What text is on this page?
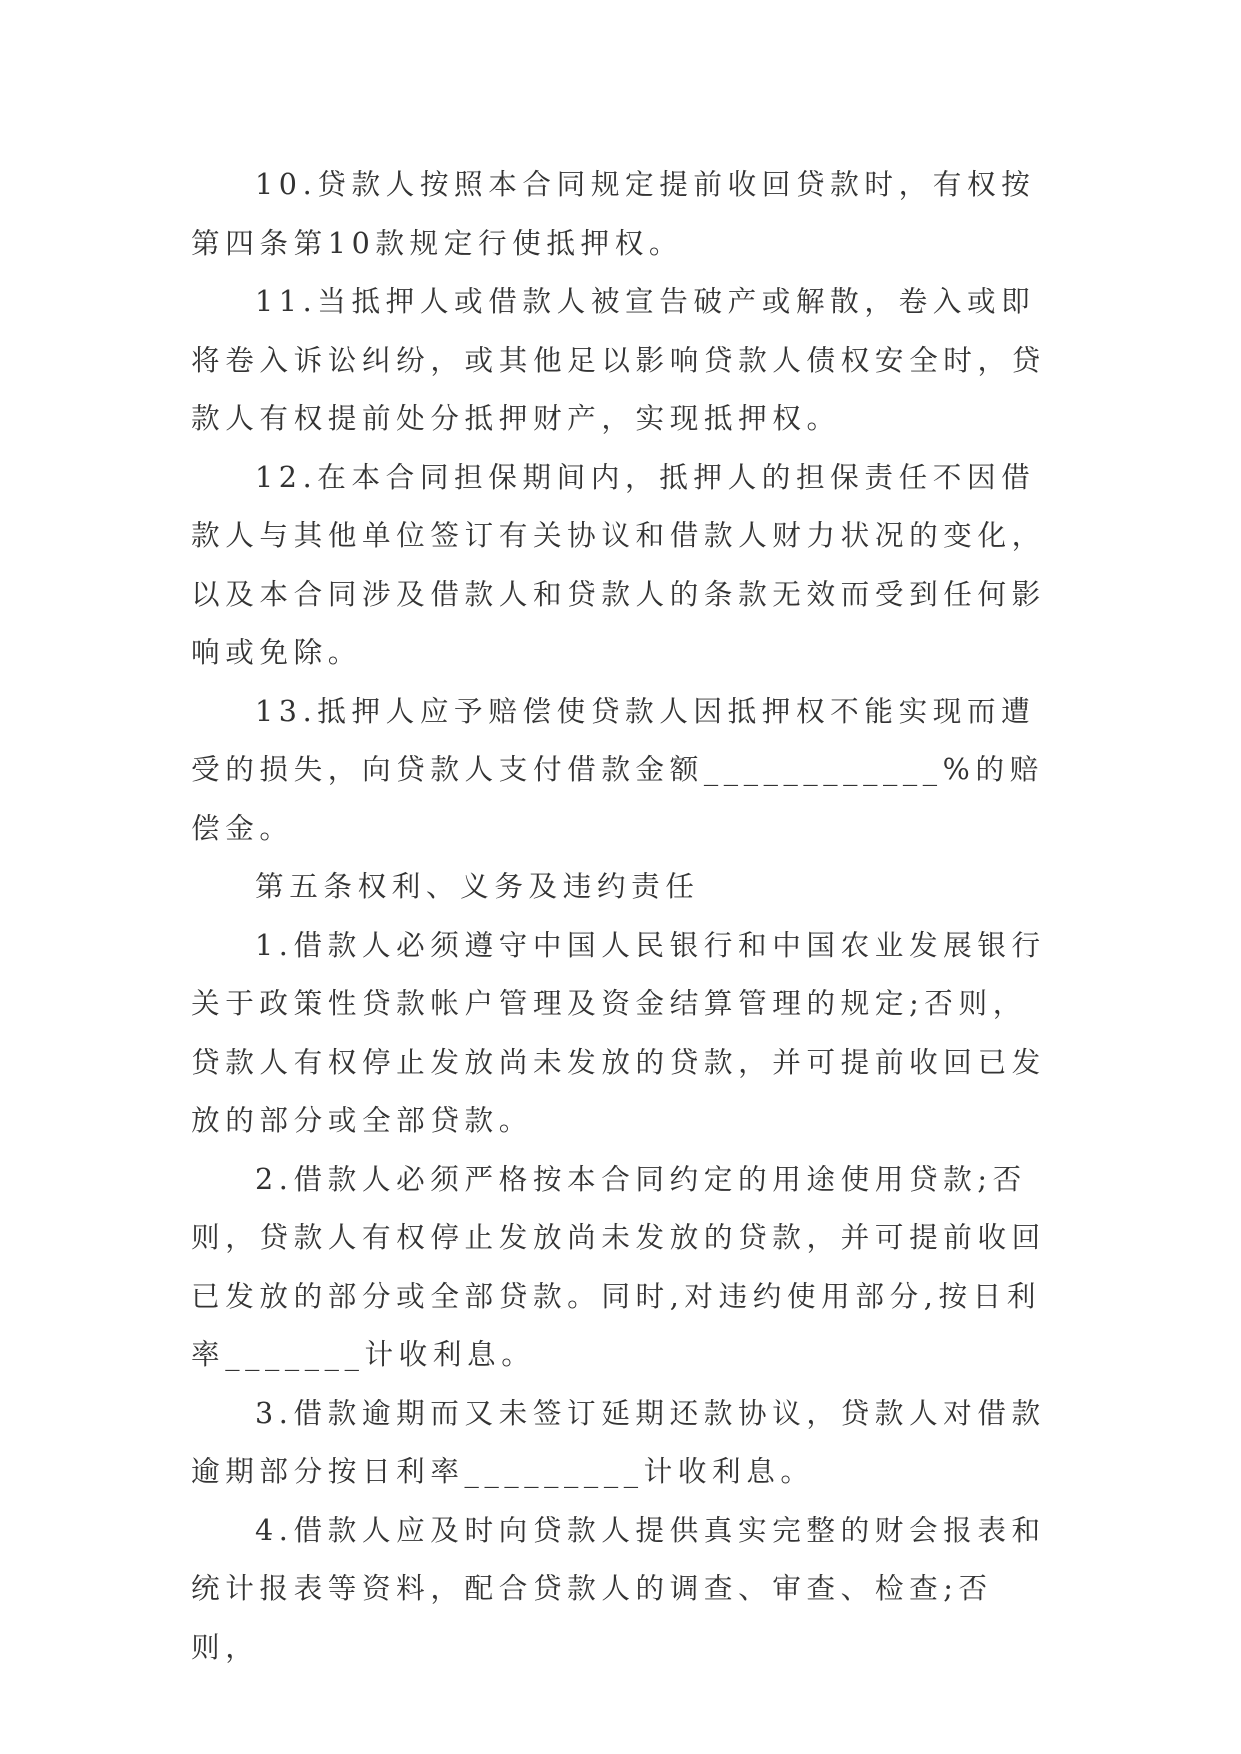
10.贷款人按照本合同规定提前收回贷款时，有权按第四条第10款规定行使抵押权。

11.当抵押人或借款人被宣告破产或解散，卷入或即将卷入诉讼纠纷，或其他足以影响贷款人债权安全时，贷款人有权提前处分抵押财产，实现抵押权。

12.在本合同担保期间内，抵押人的担保责任不因借款人与其他单位签订有关协议和借款人财力状况的变化，以及本合同涉及借款人和贷款人的条款无效而受到任何影响或免除。

13.抵押人应予赔偿使贷款人因抵押权不能实现而遭受的损失，向贷款人支付借款金额____________%的赔偿金。

第五条权利、义务及违约责任

1.借款人必须遵守中国人民银行和中国农业发展银行关于政策性贷款帐户管理及资金结算管理的规定;否则，贷款人有权停止发放尚未发放的贷款，并可提前收回已发放的部分或全部贷款。

2.借款人必须严格按本合同约定的用途使用贷款;否则，贷款人有权停止发放尚未发放的贷款，并可提前收回已发放的部分或全部贷款。同时,对违约使用部分,按日利率_______计收利息。

3.借款逾期而又未签订延期还款协议，贷款人对借款逾期部分按日利率_________计收利息。

4.借款人应及时向贷款人提供真实完整的财会报表和统计报表等资料，配合贷款人的调查、审查、检查;否则，
